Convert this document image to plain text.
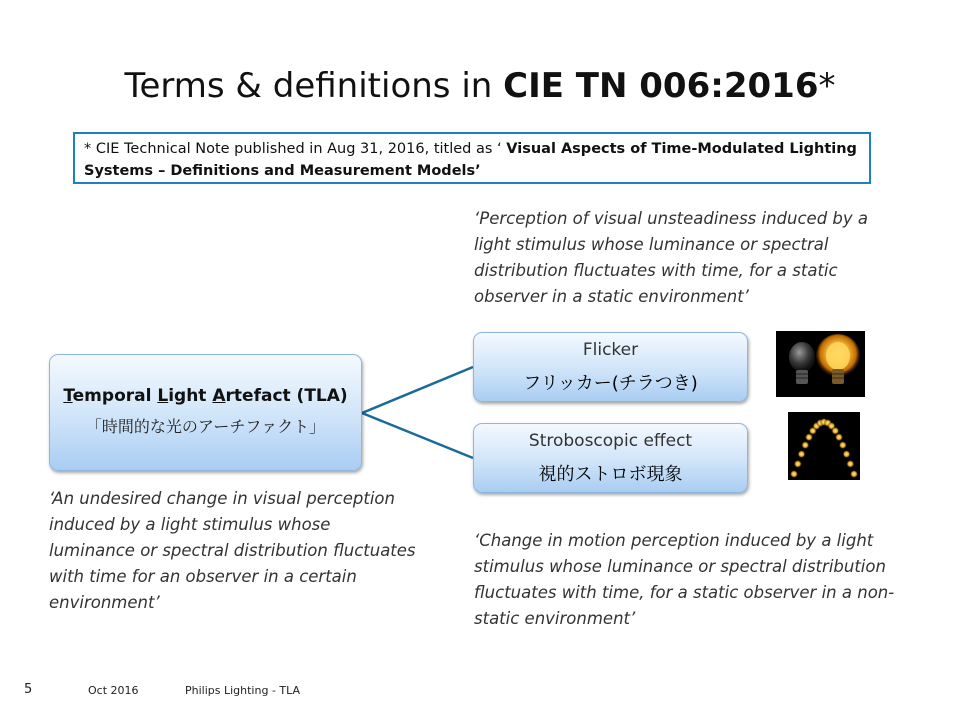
Terms & definitions in CIE TN 006:2016*
* CIE Technical Note published in Aug 31, 2016, titled as ‘ Visual Aspects of Time-Modulated Lighting
Systems – Definitions and Measurement Models’
‘Perception of visual unsteadiness induced by a light stimulus whose luminance or spectral distribution fluctuates with time, for a static observer in a static environment’
Temporal Light Artefact (TLA)
「時間的な光のアーチファクト」
Flicker
フリッカー(チラつき)
Stroboscopic effect
視的ストロボ現象
‘An undesired change in visual perception induced by a light stimulus whose luminance or spectral distribution fluctuates with time for an observer in a certain environment’
‘Change in motion perception induced by a light stimulus whose luminance or spectral distribution fluctuates with time, for a static observer in a non-static environment’
5	Oct 2016	Philips Lighting - TLA
